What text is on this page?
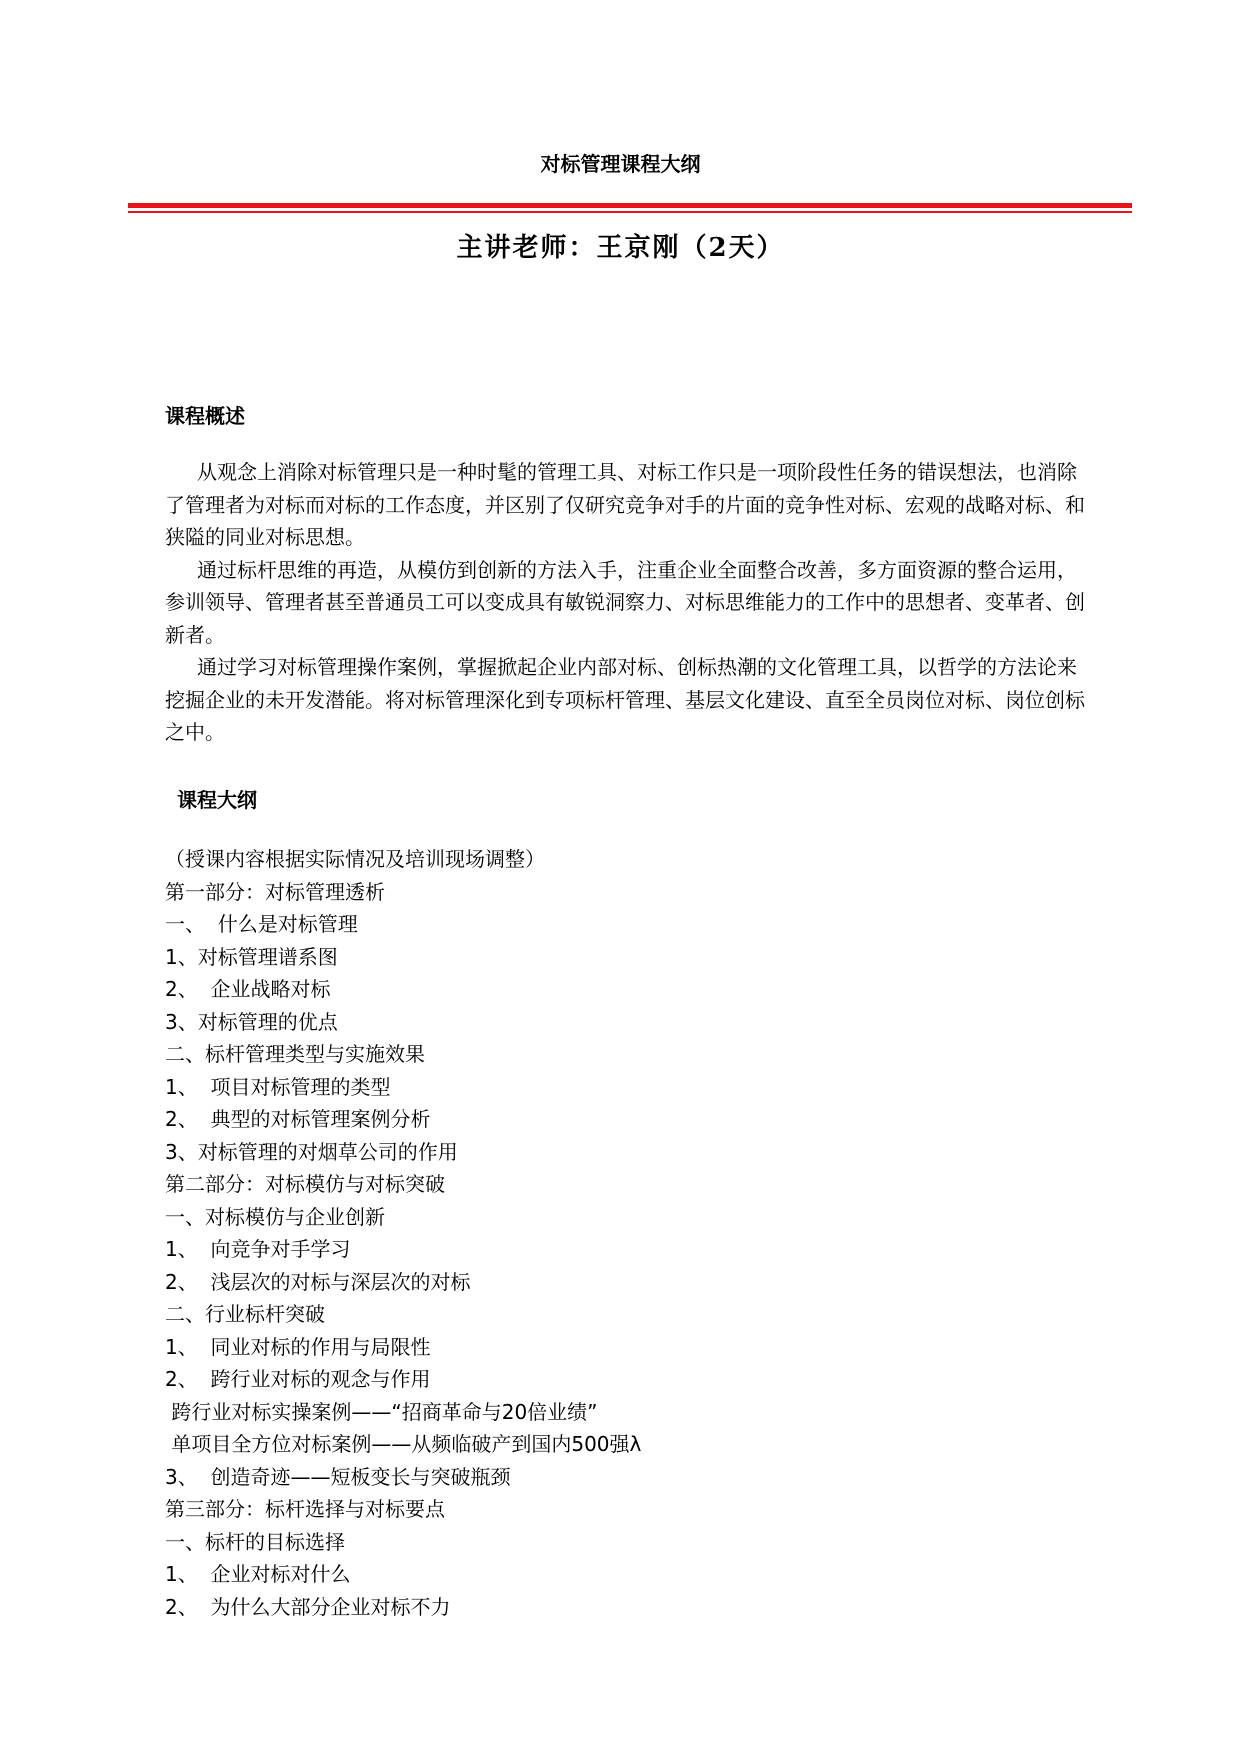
对标管理课程大纲
主讲老师：王京刚（2天）
课程概述

从观念上消除对标管理只是一种时髦的管理工具、对标工作只是一项阶段性任务的错误想法，也消除了管理者为对标而对标的工作态度，并区别了仅研究竞争对手的片面的竞争性对标、宏观的战略对标、和狭隘的同业对标思想。

通过标杆思维的再造，从模仿到创新的方法入手，注重企业全面整合改善，多方面资源的整合运用，参训领导、管理者甚至普通员工可以变成具有敏锐洞察力、对标思维能力的工作中的思想者、变革者、创新者。

通过学习对标管理操作案例，掌握掀起企业内部对标、创标热潮的文化管理工具，以哲学的方法论来挖掘企业的未开发潜能。将对标管理深化到专项标杆管理、基层文化建设、直至全员岗位对标、岗位创标之中。

课程大纲
（授课内容根据实际情况及培训现场调整）
第一部分：对标管理透析
一、  什么是对标管理
1、对标管理谱系图
2、  企业战略对标
3、对标管理的优点
二、标杆管理类型与实施效果
1、  项目对标管理的类型
2、  典型的对标管理案例分析
3、对标管理的对烟草公司的作用
第二部分：对标模仿与对标突破
一、对标模仿与企业创新
1、  向竞争对手学习
2、  浅层次的对标与深层次的对标
二、行业标杆突破
1、  同业对标的作用与局限性
2、  跨行业对标的观念与作用
跨行业对标实操案例——“招商革命与20倍业绩”
单项目全方位对标案例——从频临破产到国内500强λ
3、  创造奇迹——短板变长与突破瓶颈
第三部分：标杆选择与对标要点
一、标杆的目标选择
1、  企业对标对什么
2、  为什么大部分企业对标不力
